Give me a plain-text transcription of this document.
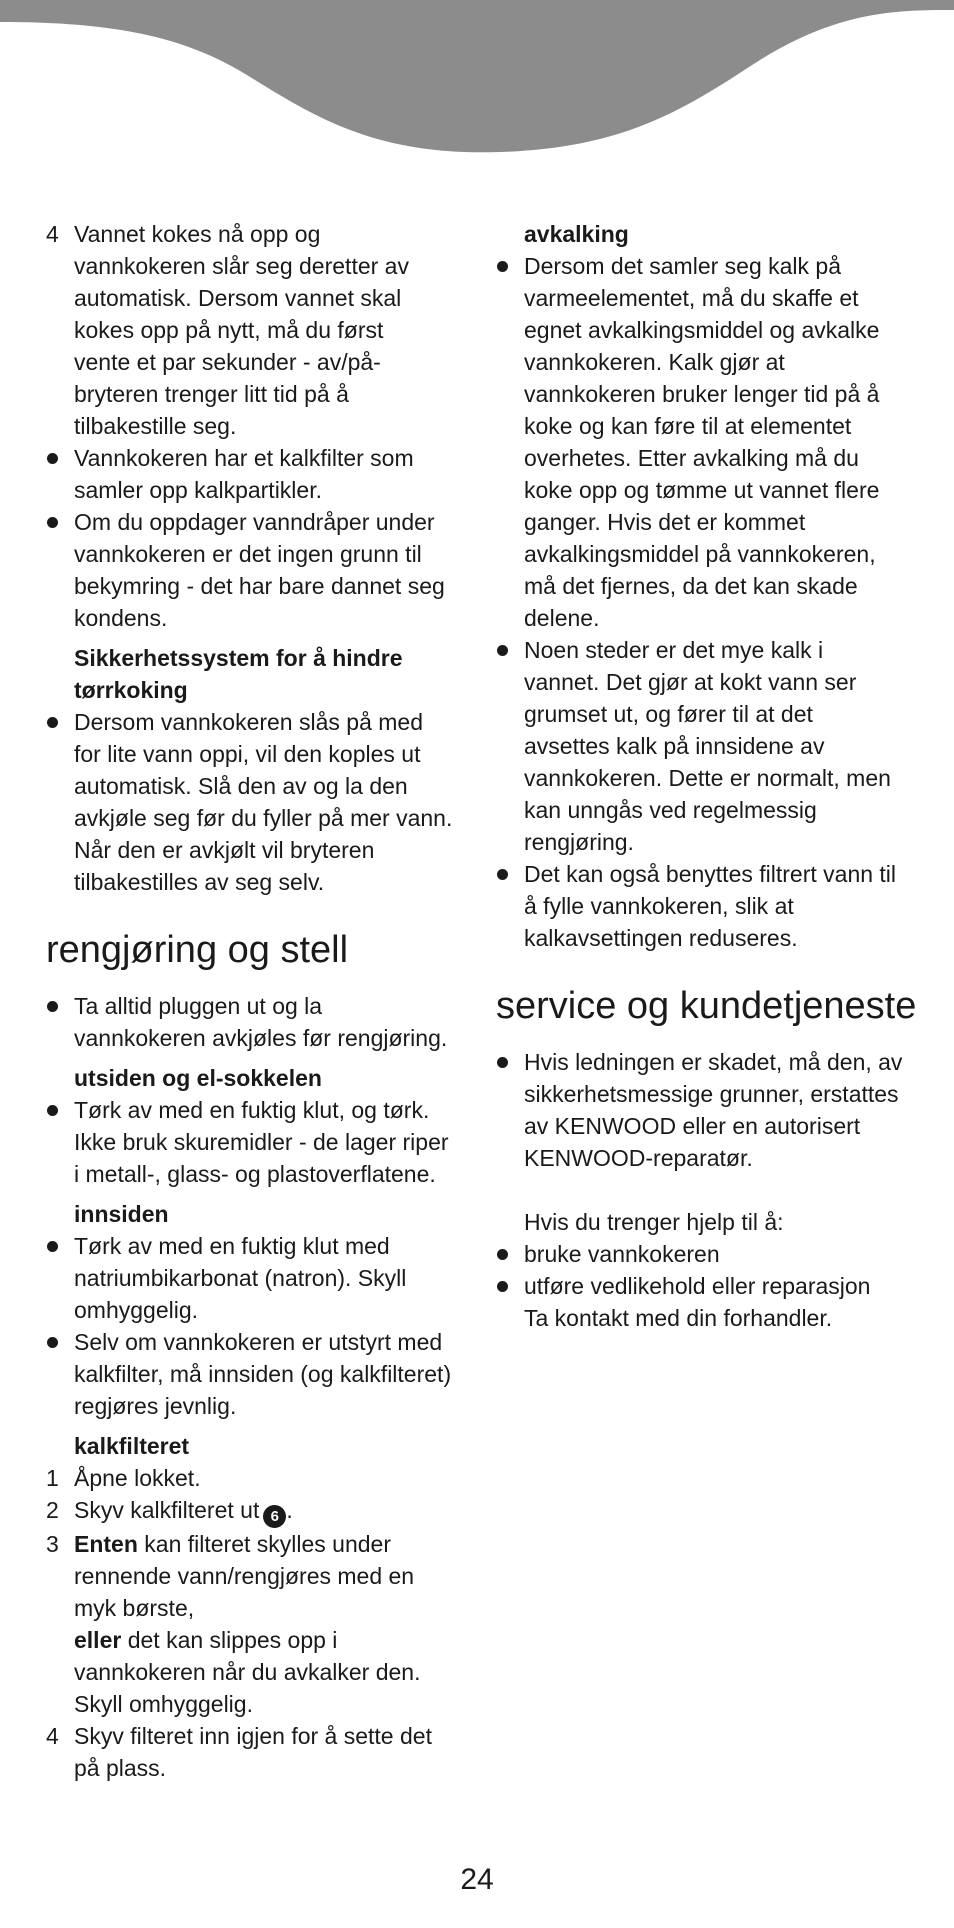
4 Vannet kokes nå opp og
vannkokeren slår seg deretter av
automatisk. Dersom vannet skal
kokes opp på nytt, må du først
vente et par sekunder - av/på-
bryteren trenger litt tid på å
tilbakestille seg.
Vannkokeren har et kalkfilter som
samler opp kalkpartikler.
Om du oppdager vanndråper under
vannkokeren er det ingen grunn til
bekymring - det har bare dannet seg
kondens.
Sikkerhetssystem for å hindre
tørrkoking
Dersom vannkokeren slås på med
for lite vann oppi, vil den koples ut
automatisk. Slå den av og la den
avkjøle seg før du fyller på mer vann.
Når den er avkjølt vil bryteren
tilbakestilles av seg selv.
rengjøring og stell
Ta alltid pluggen ut og la
vannkokeren avkjøles før rengjøring.
utsiden og el-sokkelen
Tørk av med en fuktig klut, og tørk.
Ikke bruk skuremidler - de lager riper
i metall-, glass- og plastoverflatene.
innsiden
Tørk av med en fuktig klut med
natriumbikarbonat (natron). Skyll
omhyggelig.
Selv om vannkokeren er utstyrt med
kalkfilter, må innsiden (og kalkfilteret)
regjøres jevnlig.
kalkfilteret
1 Åpne lokket.
2 Skyv kalkfilteret ut 6 .
3 Enten kan filteret skylles under
rennende vann/rengjøres med en
myk børste,
eller det kan slippes opp i
vannkokeren når du avkalker den.
Skyll omhyggelig.
4 Skyv filteret inn igjen for å sette det
på plass.
avkalking
Dersom det samler seg kalk på
varmeelementet, må du skaffe et
egnet avkalkingsmiddel og avkalke
vannkokeren. Kalk gjør at
vannkokeren bruker lenger tid på å
koke og kan føre til at elementet
overhetes. Etter avkalking må du
koke opp og tømme ut vannet flere
ganger. Hvis det er kommet
avkalkingsmiddel på vannkokeren,
må det fjernes, da det kan skade
delene.
Noen steder er det mye kalk i
vannet. Det gjør at kokt vann ser
grumset ut, og fører til at det
avsettes kalk på innsidene av
vannkokeren. Dette er normalt, men
kan unngås ved regelmessig
rengjøring.
Det kan også benyttes filtrert vann til
å fylle vannkokeren, slik at
kalkavsettingen reduseres.
service og kundetjeneste
Hvis ledningen er skadet, må den, av
sikkerhetsmessige grunner, erstattes
av KENWOOD eller en autorisert
KENWOOD-reparatør.
Hvis du trenger hjelp til å:
bruke vannkokeren
utføre vedlikehold eller reparasjon
Ta kontakt med din forhandler.
24
